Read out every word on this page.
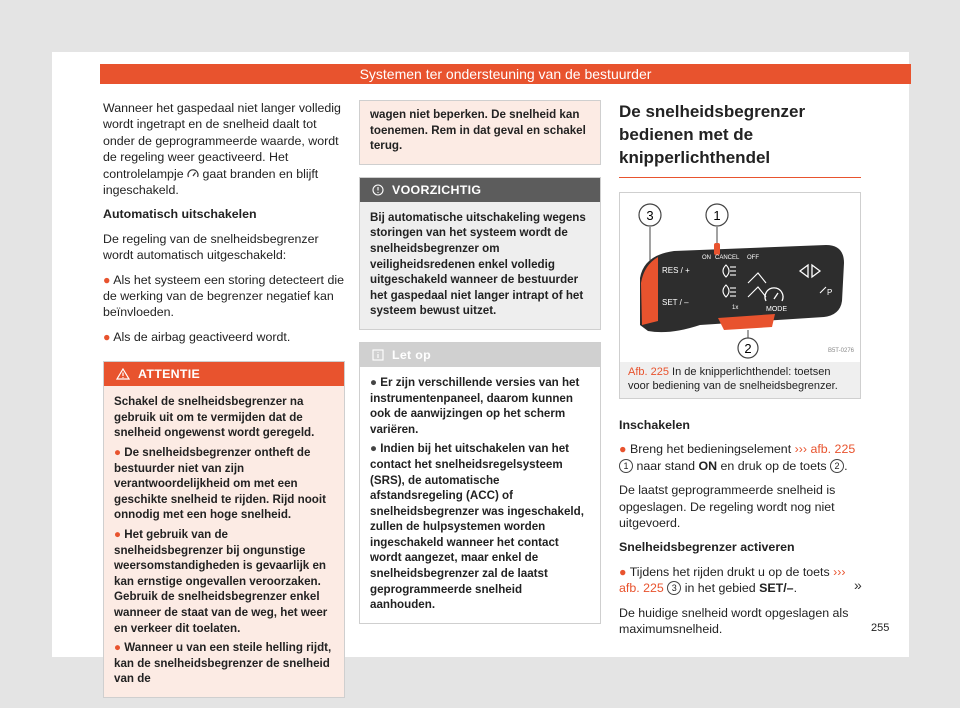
Systemen ter ondersteuning van de bestuurder

Wanneer het gaspedaal niet langer volledig wordt ingetrapt en de snelheid daalt tot onder de geprogrammeerde waarde, wordt de regeling weer geactiveerd. Het controlelampje gaat branden en blijft ingeschakeld.

Automatisch uitschakelen

De regeling van de snelheidsbegrenzer wordt automatisch uitgeschakeld:

● Als het systeem een storing detecteert die de werking van de begrenzer negatief kan beïnvloeden.

● Als de airbag geactiveerd wordt.

ATTENTIE

Schakel de snelheidsbegrenzer na gebruik uit om te vermijden dat de snelheid ongewenst wordt geregeld.

● De snelheidsbegrenzer ontheft de bestuurder niet van zijn verantwoordelijkheid om met een geschikte snelheid te rijden. Rijd nooit onnodig met een hoge snelheid.

● Het gebruik van de snelheidsbegrenzer bij ongunstige weersomstandigheden is gevaarlijk en kan ernstige ongevallen veroorzaken. Gebruik de snelheidsbegrenzer enkel wanneer de staat van de weg, het weer en verkeer dit toelaten.

● Wanneer u van een steile helling rijdt, kan de snelheidsbegrenzer de snelheid van de

wagen niet beperken. De snelheid kan toenemen. Rem in dat geval en schakel terug.
VOORZICHTIG
Bij automatische uitschakeling wegens storingen van het systeem wordt de snelheidsbegrenzer om veiligheidsredenen enkel volledig uitgeschakeld wanneer de bestuurder het gaspedaal niet langer intrapt of het systeem bewust uitzet.
Let op

● Er zijn verschillende versies van het instrumentenpaneel, daarom kunnen ook de aanwijzingen op het scherm variëren.

● Indien bij het uitschakelen van het contact het snelheidsregelsysteem (SRS), de automatische afstandsregeling (ACC) of snelheidsbegrenzer was ingeschakeld, zullen de hulpsystemen worden ingeschakeld wanneer het contact wordt aangezet, maar enkel de snelheidsbegrenzer zal de laatst geprogrammeerde snelheid aanhouden.

De snelheidsbegrenzer bedienen met de knipperlichthendel
RES / +
SET / –
ON CANCEL OFF
MODE
1x
P
1
2
3
B5T-0276
Afb. 225 In de knipperlichthendel: toetsen voor bediening van de snelheidsbegrenzer.

Inschakelen

● Breng het bedieningselement ››› afb. 225 1 naar stand ON en druk op de toets 2 .

De laatst geprogrammeerde snelheid is opgeslagen. De regeling wordt nog niet uitgevoerd.

Snelheidsbegrenzer activeren

● Tijdens het rijden drukt u op de toets ››› afb. 225 3 in het gebied SET/–.

De huidige snelheid wordt opgeslagen als maximumsnelheid.

»
255
